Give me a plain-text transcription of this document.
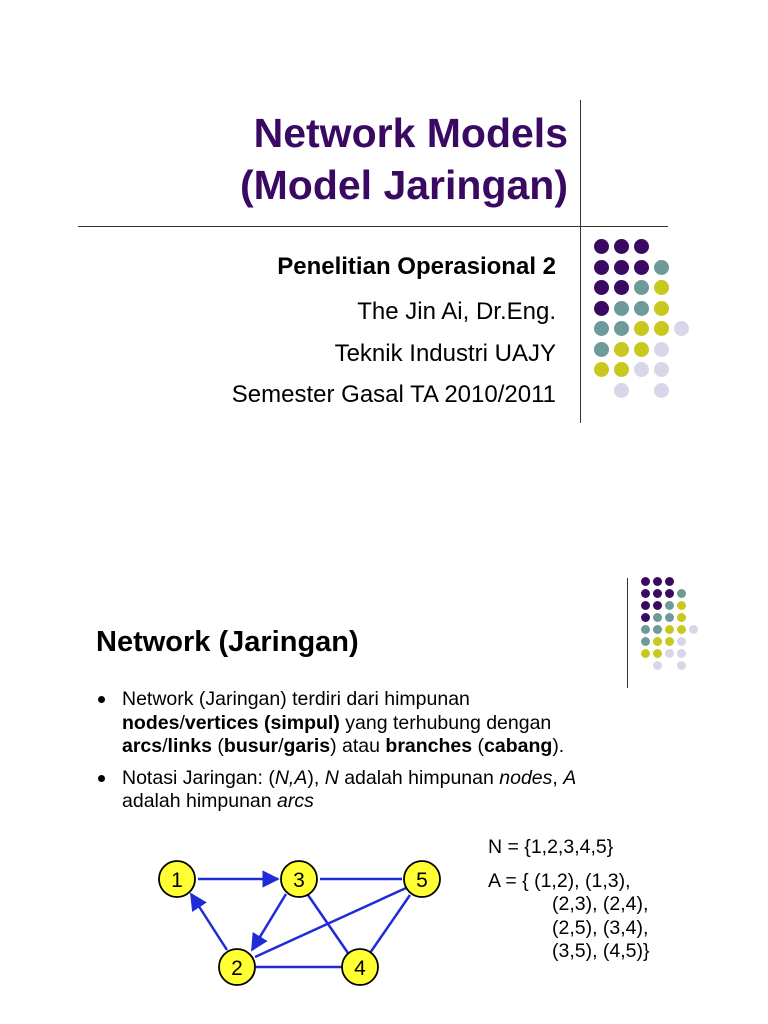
Network Models
(Model Jaringan)
Penelitian Operasional 2
The Jin Ai, Dr.Eng.
Teknik Industri UAJY
Semester Gasal TA 2010/2011
Network (Jaringan)
Network (Jaringan) terdiri dari himpunan
nodes/vertices (simpul) yang terhubung dengan
arcs/links (busur/garis) atau branches (cabang).
Notasi Jaringan: (N,A), N adalah himpunan nodes, A
adalah himpunan arcs
N = {1,2,3,4,5}
A = { (1,2), (1,3),
(2,3), (2,4),
(2,5), (3,4),
(3,5), (4,5)}
1	3	5
2	4
